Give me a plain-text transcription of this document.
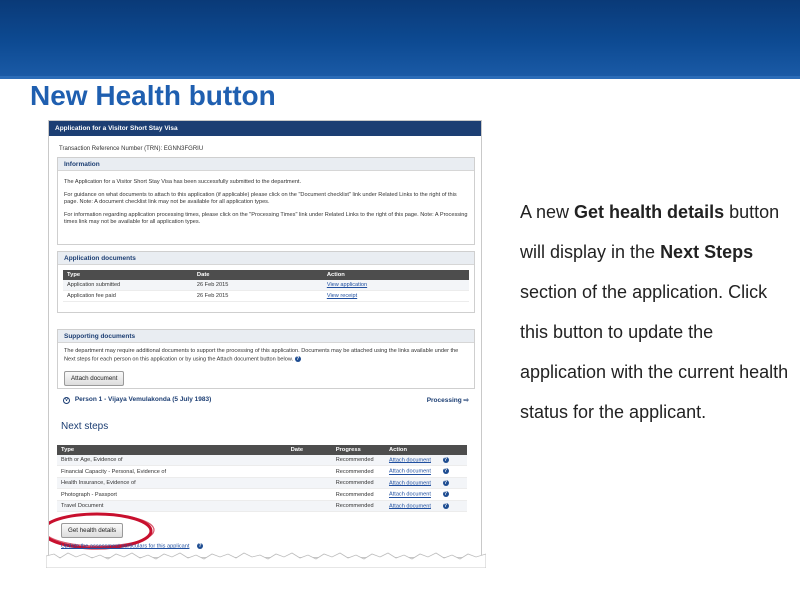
New Health button
Application for a Visitor Short Stay Visa
Transaction Reference Number (TRN): EGNN3FGRIU
Information
The Application for a Visitor Short Stay Visa has been successfully submitted to the department.
For guidance on what documents to attach to this application (if applicable) please click on the "Document checklist" link under Related Links to the right of this page. Note: A document checklist link may not be available for all application types.
For information regarding application processing times, please click on the "Processing Times" link under Related Links to the right of this page. Note: A Processing times link may not be available for all application types.
Application documents
Type	Date	Action
Application submitted	26 Feb 2015	View application
Application fee paid	26 Feb 2015	View receipt
Supporting documents
The department may require additional documents to support the processing of this application. Documents may be attached using the links available under the Next steps for each person on this application or by using the Attach document button below. ?
Attach document
v Person 1 - Vijaya Vemulakonda (5 July 1983)	Processing ⇨
Next steps
Type	Date	Progress	Action
Birth or Age, Evidence of		Recommended	Attach document ?
Financial Capacity - Personal, Evidence of		Recommended	Attach document ?
Health Insurance, Evidence of		Recommended	Attach document ?
Photograph - Passport		Recommended	Attach document ?
Travel Document		Recommended	Attach document ?
Get health details
Update the assessment particulars for this applicant ?
A new Get health details button will display in the Next Steps section of the application. Click this button to update the application with the current health status for the applicant.
